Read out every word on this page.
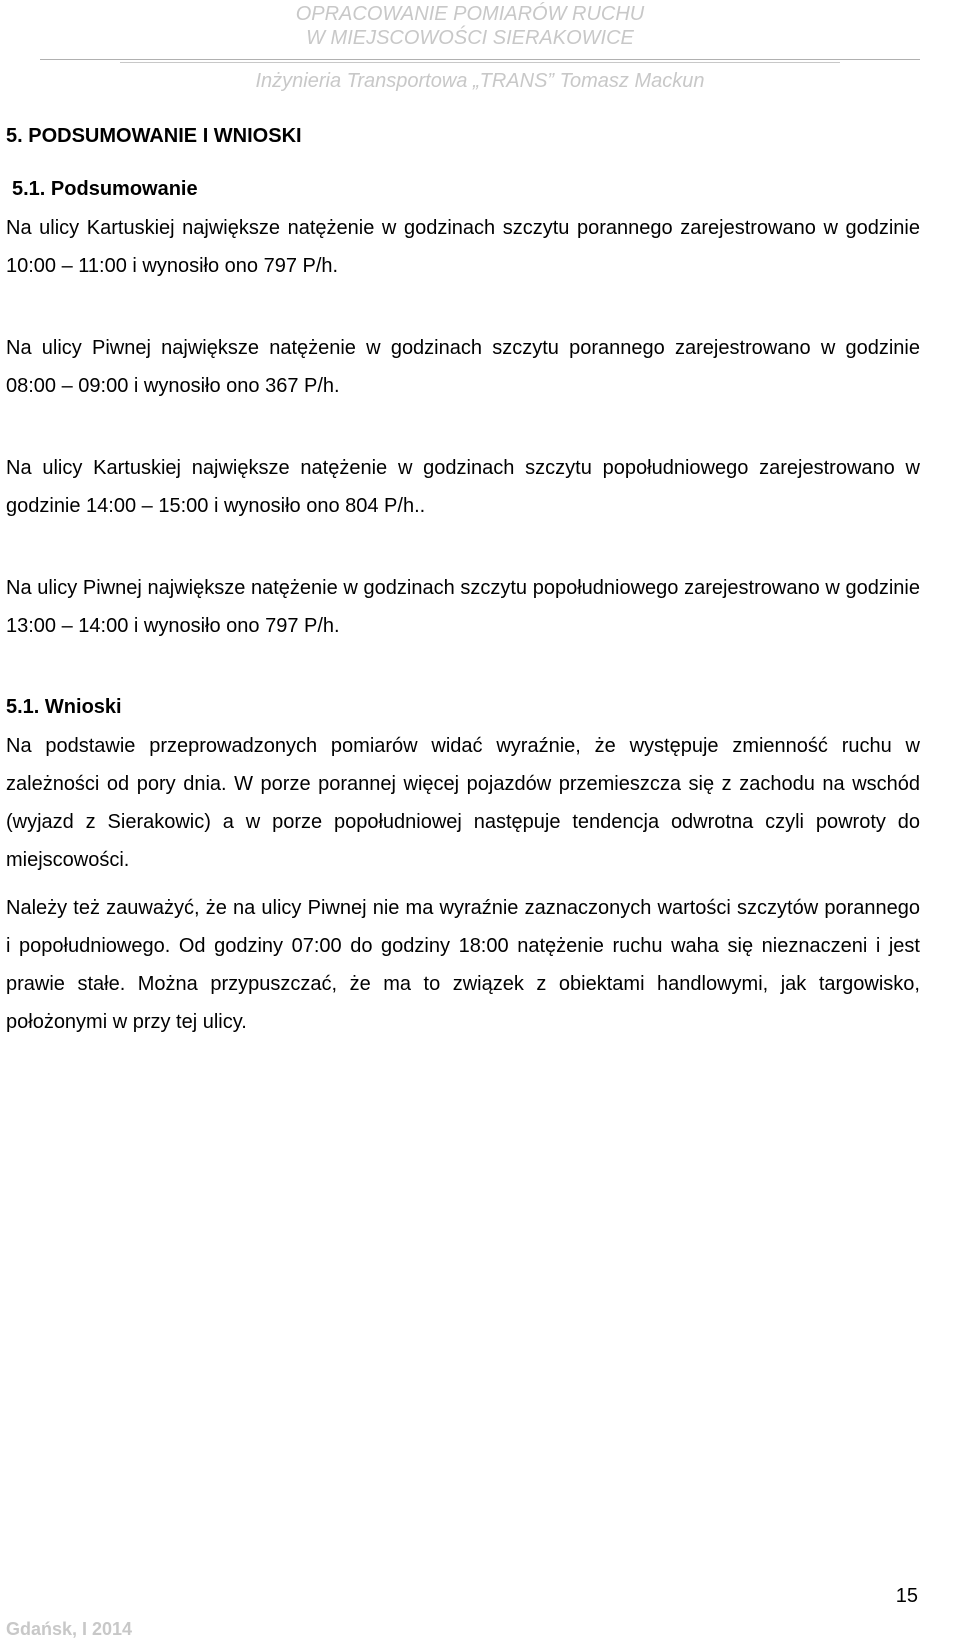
OPRACOWANIE POMIARÓW RUCHU
W MIEJSCOWOŚCI SIERAKOWICE
Inżynieria Transportowa „TRANS” Tomasz Mackun
5. PODSUMOWANIE I WNIOSKI
5.1. Podsumowanie

Na ulicy Kartuskiej największe natężenie w godzinach szczytu porannego zarejestrowano w godzinie 10:00 – 11:00 i wynosiło ono 797 P/h.

Na ulicy Piwnej największe natężenie w godzinach szczytu porannego zarejestrowano w godzinie 08:00 – 09:00 i wynosiło ono 367 P/h.

Na ulicy Kartuskiej największe natężenie w godzinach szczytu popołudniowego zarejestrowano w godzinie 14:00 – 15:00 i wynosiło ono 804 P/h..

Na ulicy Piwnej największe natężenie w godzinach szczytu popołudniowego zarejestrowano w godzinie 13:00 – 14:00 i wynosiło ono 797 P/h.

5.1. Wnioski

Na podstawie przeprowadzonych pomiarów widać wyraźnie, że występuje zmienność ruchu w zależności od pory dnia. W porze porannej więcej pojazdów przemieszcza się z zachodu na wschód (wyjazd z Sierakowic) a w porze popołudniowej następuje tendencja odwrotna czyli powroty do miejscowości.

Należy też zauważyć, że na ulicy Piwnej nie ma wyraźnie zaznaczonych wartości szczytów porannego i popołudniowego. Od godziny 07:00 do godziny 18:00 natężenie ruchu waha się nieznaczeni i jest prawie stałe. Można przypuszczać, że ma to związek z obiektami handlowymi, jak targowisko, położonymi w przy tej ulicy.

15
Gdańsk, I 2014
